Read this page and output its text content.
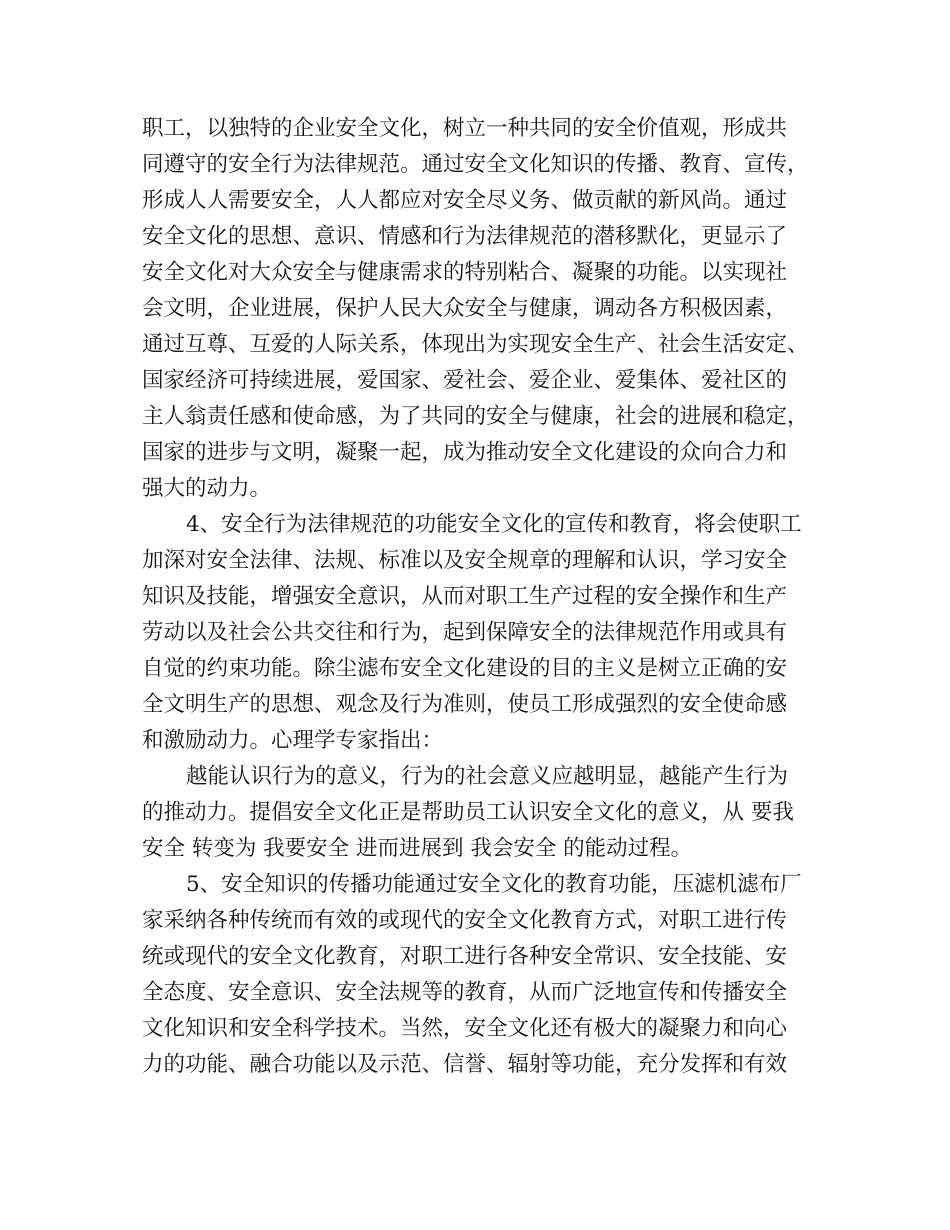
职工，以独特的企业安全文化，树立一种共同的安全价值观，形成共
同遵守的安全行为法律规范。通过安全文化知识的传播、教育、宣传，
形成人人需要安全，人人都应对安全尽义务、做贡献的新风尚。通过
安全文化的思想、意识、情感和行为法律规范的潜移默化，更显示了
安全文化对大众安全与健康需求的特别粘合、凝聚的功能。以实现社
会文明，企业进展，保护人民大众安全与健康，调动各方积极因素，
通过互尊、互爱的人际关系，体现出为实现安全生产、社会生活安定、
国家经济可持续进展，爱国家、爱社会、爱企业、爱集体、爱社区的
主人翁责任感和使命感，为了共同的安全与健康，社会的进展和稳定，
国家的进步与文明，凝聚一起，成为推动安全文化建设的众向合力和
强大的动力。
4、安全行为法律规范的功能安全文化的宣传和教育，将会使职工
加深对安全法律、法规、标准以及安全规章的理解和认识，学习安全
知识及技能，增强安全意识，从而对职工生产过程的安全操作和生产
劳动以及社会公共交往和行为，起到保障安全的法律规范作用或具有
自觉的约束功能。除尘滤布安全文化建设的目的主义是树立正确的安
全文明生产的思想、观念及行为准则，使员工形成强烈的安全使命感
和激励动力。心理学专家指出：
越能认识行为的意义，行为的社会意义应越明显，越能产生行为
的推动力。提倡安全文化正是帮助员工认识安全文化的意义，从 要我
安全 转变为 我要安全 进而进展到 我会安全 的能动过程。
5、安全知识的传播功能通过安全文化的教育功能，压滤机滤布厂
家采纳各种传统而有效的或现代的安全文化教育方式，对职工进行传
统或现代的安全文化教育，对职工进行各种安全常识、安全技能、安
全态度、安全意识、安全法规等的教育，从而广泛地宣传和传播安全
文化知识和安全科学技术。当然，安全文化还有极大的凝聚力和向心
力的功能、融合功能以及示范、信誉、辐射等功能，充分发挥和有效
